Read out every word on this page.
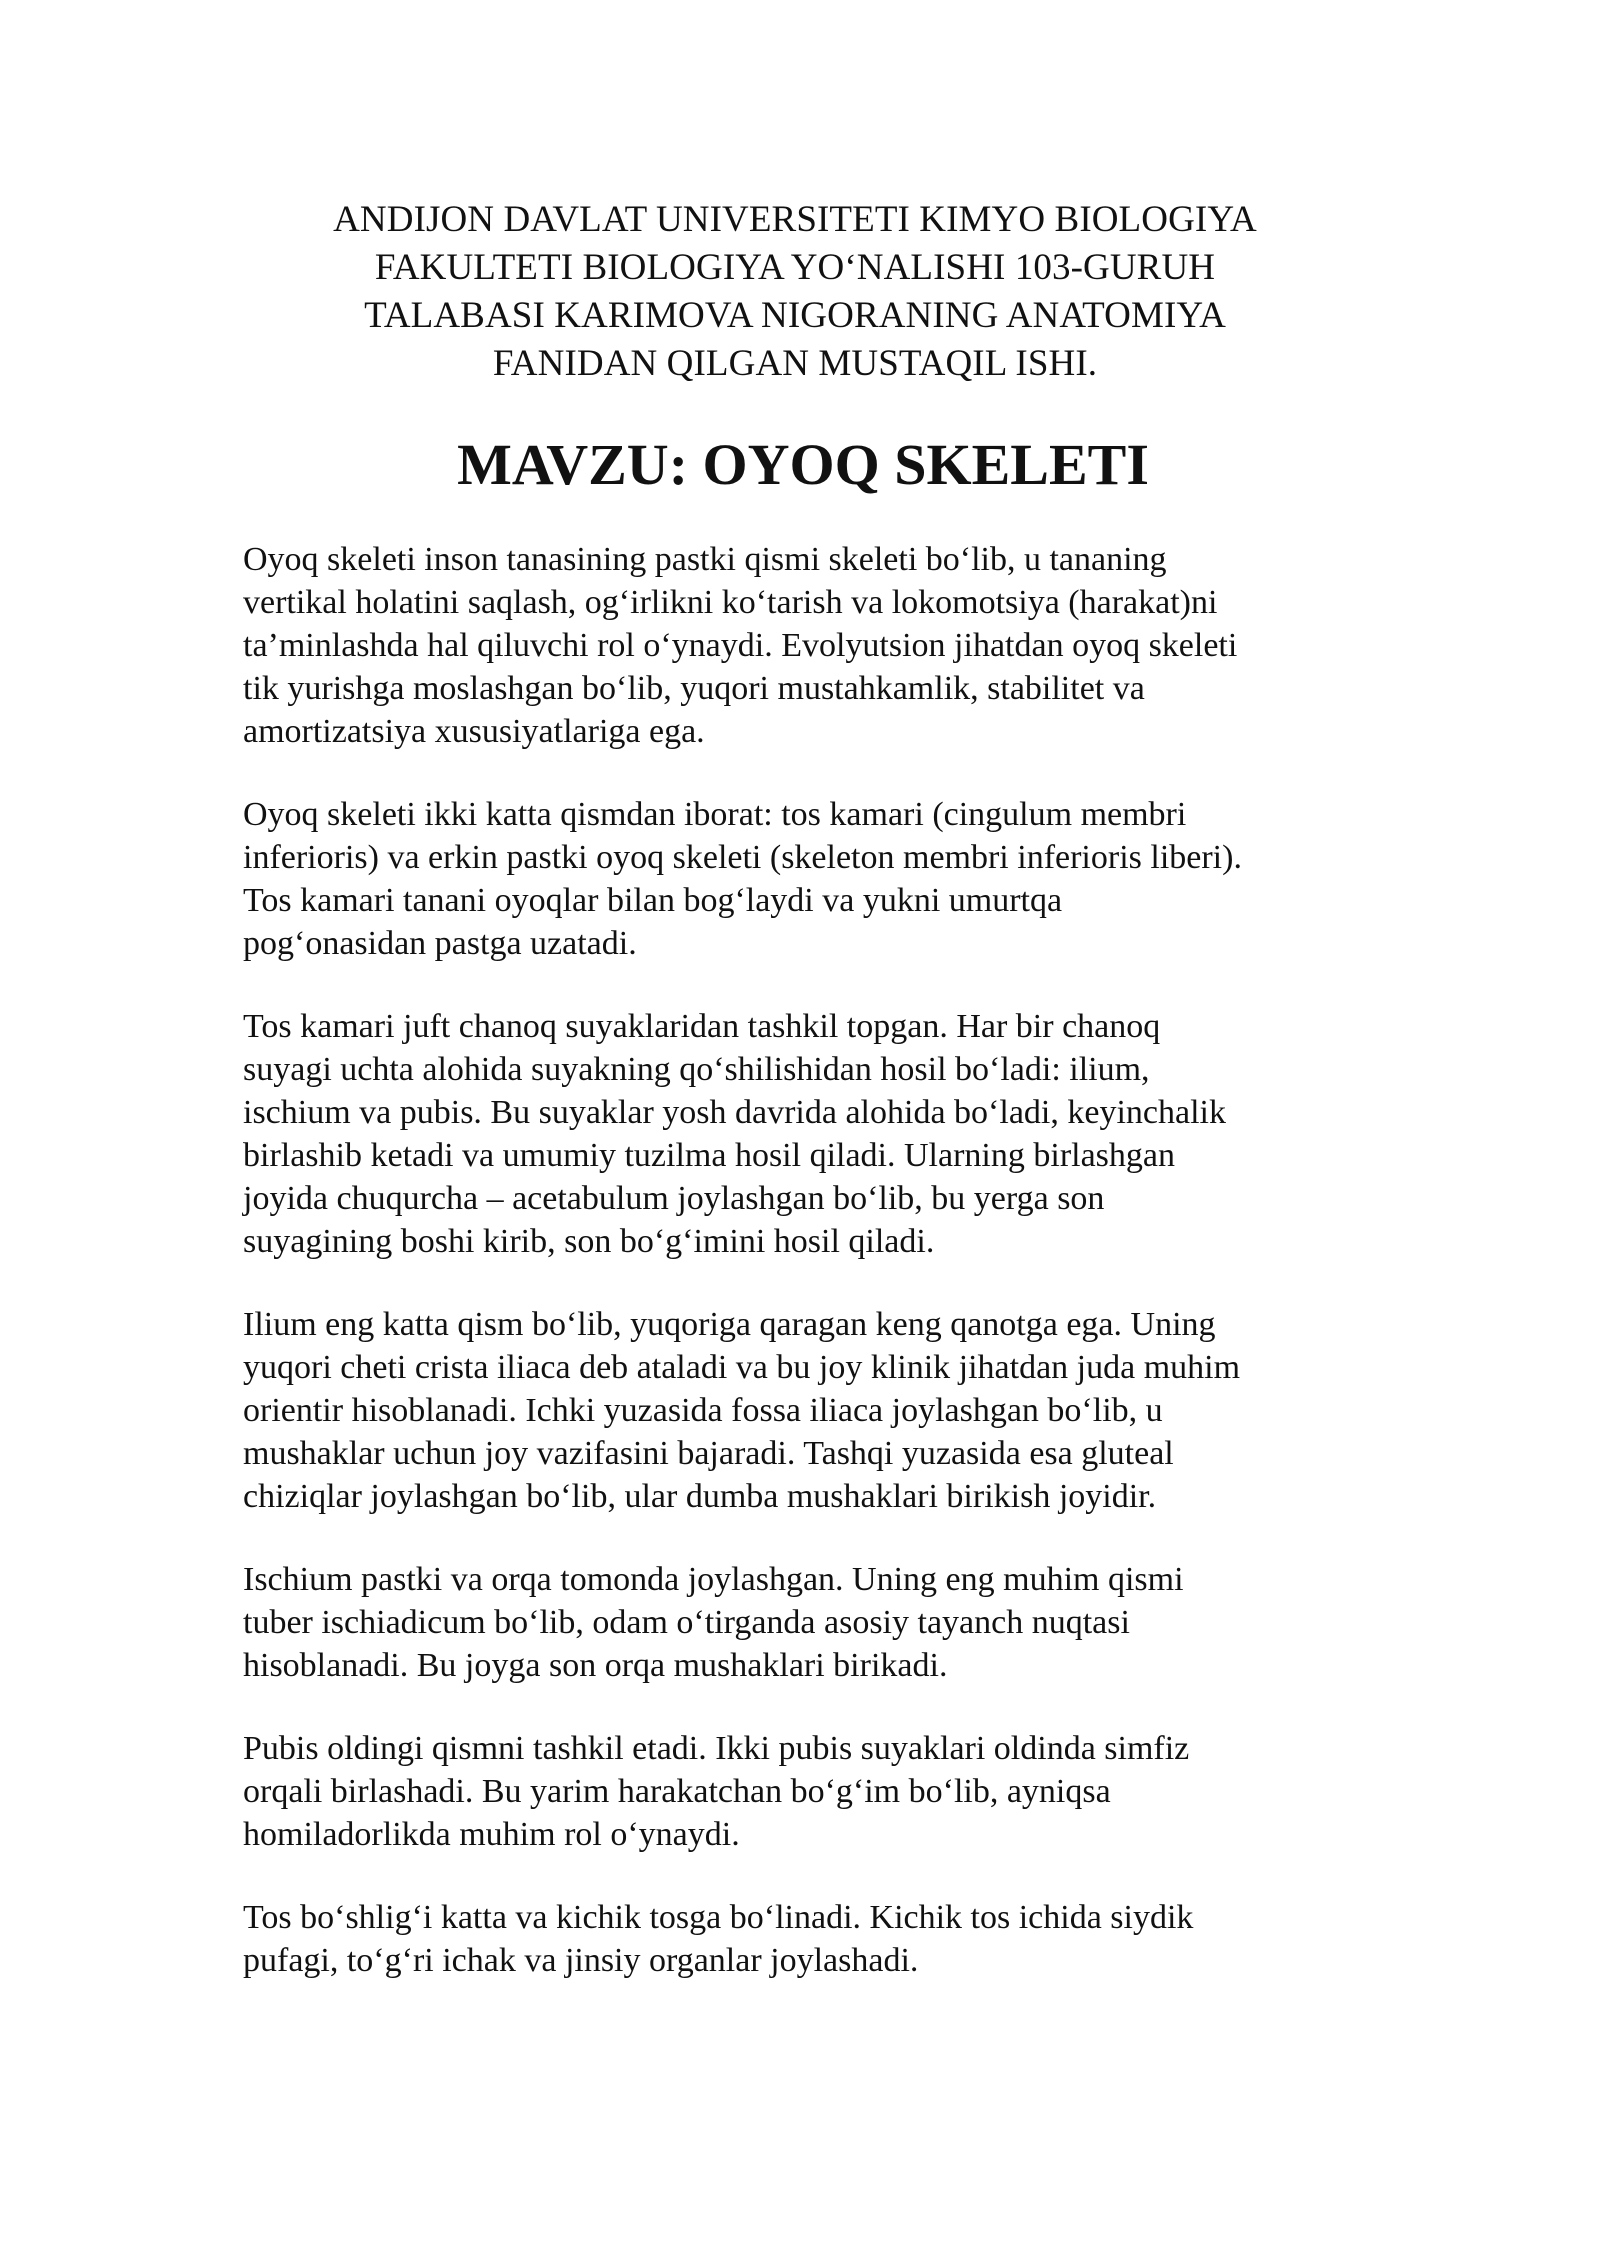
ANDIJON DAVLAT UNIVERSITETI KIMYO BIOLOGIYA
FAKULTETI BIOLOGIYA YO‘NALISHI 103-GURUH
TALABASI KARIMOVA NIGORANING ANATOMIYA
FANIDAN QILGAN MUSTAQIL ISHI.
MAVZU: OYOQ SKELETI

Oyoq skeleti inson tanasining pastki qismi skeleti bo‘lib, u tananing
vertikal holatini saqlash, og‘irlikni ko‘tarish va lokomotsiya (harakat)ni
ta’minlashda hal qiluvchi rol o‘ynaydi. Evolyutsion jihatdan oyoq skeleti
tik yurishga moslashgan bo‘lib, yuqori mustahkamlik, stabilitet va
amortizatsiya xususiyatlariga ega.

Oyoq skeleti ikki katta qismdan iborat: tos kamari (cingulum membri
inferioris) va erkin pastki oyoq skeleti (skeleton membri inferioris liberi).
Tos kamari tanani oyoqlar bilan bog‘laydi va yukni umurtqa
pog‘onasidan pastga uzatadi.

Tos kamari juft chanoq suyaklaridan tashkil topgan. Har bir chanoq
suyagi uchta alohida suyakning qo‘shilishidan hosil bo‘ladi: ilium,
ischium va pubis. Bu suyaklar yosh davrida alohida bo‘ladi, keyinchalik
birlashib ketadi va umumiy tuzilma hosil qiladi. Ularning birlashgan
joyida chuqurcha – acetabulum joylashgan bo‘lib, bu yerga son
suyagining boshi kirib, son bo‘g‘imini hosil qiladi.

Ilium eng katta qism bo‘lib, yuqoriga qaragan keng qanotga ega. Uning
yuqori cheti crista iliaca deb ataladi va bu joy klinik jihatdan juda muhim
orientir hisoblanadi. Ichki yuzasida fossa iliaca joylashgan bo‘lib, u
mushaklar uchun joy vazifasini bajaradi. Tashqi yuzasida esa gluteal
chiziqlar joylashgan bo‘lib, ular dumba mushaklari birikish joyidir.

Ischium pastki va orqa tomonda joylashgan. Uning eng muhim qismi
tuber ischiadicum bo‘lib, odam o‘tirganda asosiy tayanch nuqtasi
hisoblanadi. Bu joyga son orqa mushaklari birikadi.

Pubis oldingi qismni tashkil etadi. Ikki pubis suyaklari oldinda simfiz
orqali birlashadi. Bu yarim harakatchan bo‘g‘im bo‘lib, ayniqsa
homiladorlikda muhim rol o‘ynaydi.

Tos bo‘shlig‘i katta va kichik tosga bo‘linadi. Kichik tos ichida siydik
pufagi, to‘g‘ri ichak va jinsiy organlar joylashadi.
